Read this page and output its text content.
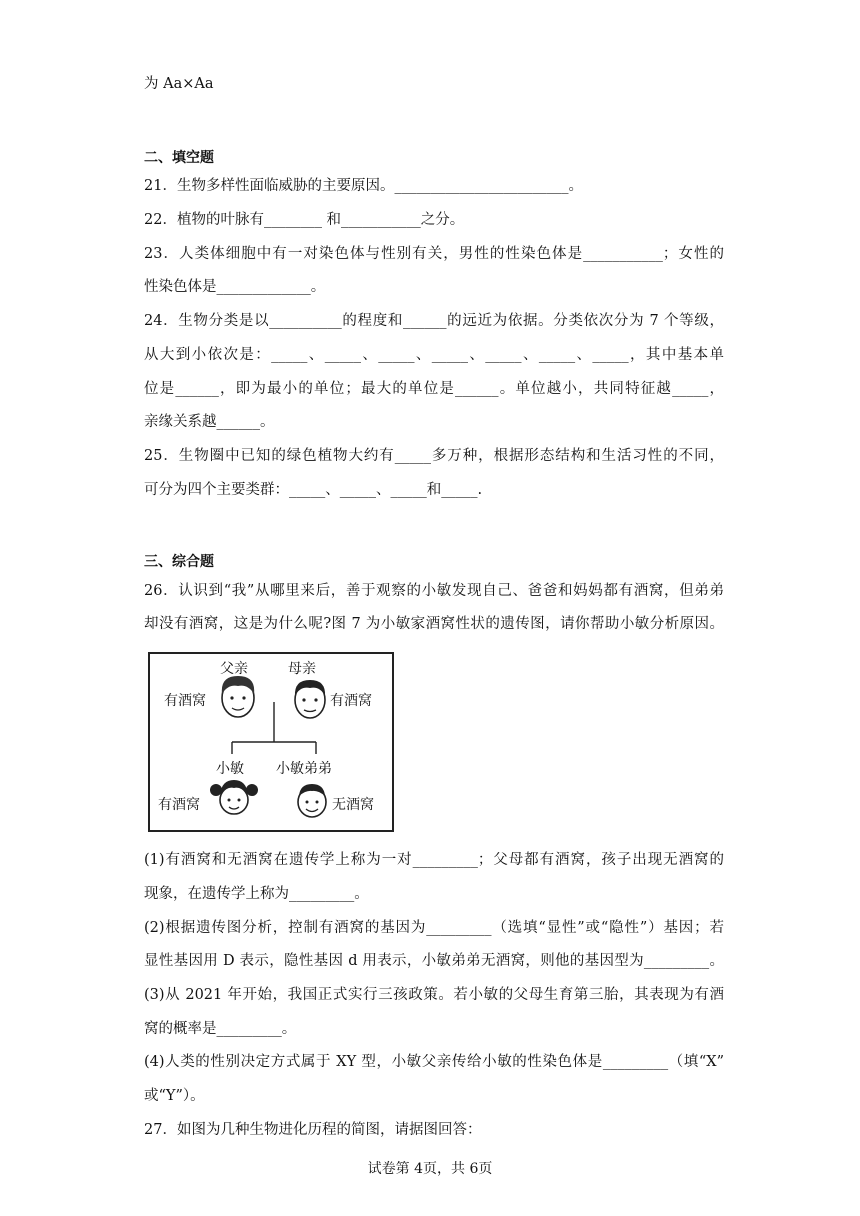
为 Aa×Aa
二、填空题
21．生物多样性面临威胁的主要原因。________________________。
22．植物的叶脉有________ 和___________之分。
23．人类体细胞中有一对染色体与性别有关，男性的性染色体是___________；女性的
性染色体是_____________。
24．生物分类是以__________的程度和______的远近为依据。分类依次分为 7 个等级，
从大到小依次是：_____、_____、_____、_____、_____、_____、_____，其中基本单
位是______，即为最小的单位；最大的单位是______。单位越小，共同特征越_____，
亲缘关系越______。
25．生物圈中已知的绿色植物大约有_____多万种，根据形态结构和生活习性的不同，
可分为四个主要类群：_____、_____、_____和_____.
三、综合题
26．认识到“我”从哪里来后，善于观察的小敏发现自己、爸爸和妈妈都有酒窝，但弟弟
却没有酒窝，这是为什么呢?图 7 为小敏家酒窝性状的遗传图，请你帮助小敏分析原因。
父亲	母亲
有酒窝	有酒窝
小敏 小敏弟弟
有酒窝	无酒窝
(1)有酒窝和无酒窝在遗传学上称为一对_________；父母都有酒窝，孩子出现无酒窝的
现象，在遗传学上称为_________。
(2)根据遗传图分析，控制有酒窝的基因为_________（选填“显性”或“隐性”）基因；若
显性基因用 D 表示，隐性基因 d 用表示，小敏弟弟无酒窝，则他的基因型为_________。
(3)从 2021 年开始，我国正式实行三孩政策。若小敏的父母生育第三胎，其表现为有酒
窝的概率是_________。
(4)人类的性别决定方式属于 XY 型，小敏父亲传给小敏的性染色体是_________（填“X”
或“Y”）。
27．如图为几种生物进化历程的简图，请据图回答：
试卷第 4页，共 6页
